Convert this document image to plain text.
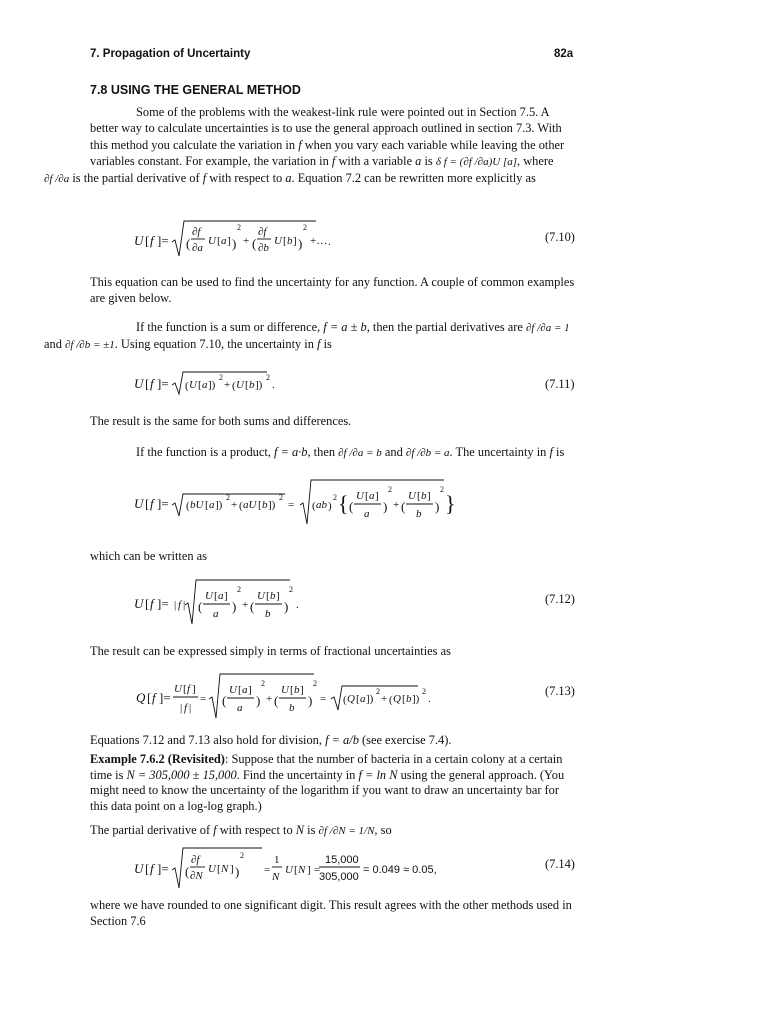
7. Propagation of Uncertainty	82a
7.8 USING THE GENERAL METHOD
Some of the problems with the weakest-link rule were pointed out in Section 7.5. A better way to calculate uncertainties is to use the general approach outlined in section 7.3. With this method you calculate the variation in f when you vary each variable while leaving the other variables constant. For example, the variation in f with a variable a is δ f = (∂f /∂a)U [a], where
∂f /∂a is the partial derivative of f with respect to a. Equation 7.2 can be rewritten more explicitly as
U [ f ]= (
∂f
∂a
U [ a ] )
2
+ (
∂f
∂b
U [ b ] )
2
+… .	(7.10)
This equation can be used to find the uncertainty for any function. A couple of common examples are given below.
If the function is a sum or difference, f = a ± b, then the partial derivatives are ∂f /∂a = 1
and ∂f /∂b = ±1. Using equation 7.10, the uncertainty in f is
U [ f ]= ( U [ a ])
2
+ ( U [ b ])
2
.	(7.11)
The result is the same for both sums and differences.
If the function is a product, f = a·b, then ∂f /∂a = b and ∂f /∂b = a. The uncertainty in f is
U [ f ]= ( bU [ a ])
2
+ ( aU [ b ])
2
= ( ab )
2 { (
U [ a ]
a )
2
+ (
U [ b ]
b )
2
}
which can be written as
U [ f ]= | f | (
U [ a ]
a )
2
+ (
U [ b ]
b )
2
.	(7.12)
The result can be expressed simply in terms of fractional uncertainties as
Q [ f ]=
U [ f ]
| f |
= (
U [ a ]
a )
2
+ (
U [ b ]
b )
2
= ( Q [ a ])
2
+ ( Q [ b ])
2
.
(7.13)
Equations 7.12 and 7.13 also hold for division, f = a/b (see exercise 7.4).
Example 7.6.2 (Revisited): Suppose that the number of bacteria in a certain colony at a certain time is N = 305,000 ± 15,000. Find the uncertainty in f = ln N using the general approach. (You might need to know the uncertainty of the logarithm if you want to draw an uncertainty bar for this data point on a log-log graph.)
The partial derivative of f with respect to N is ∂f /∂N = 1/N, so
U [ f ]= (
∂f
∂N
U [ N ] )
2
=
1
N
U [ N ] =
15,000
305,000
= 0.049 ≈ 0.05,	(7.14)
where we have rounded to one significant digit. This result agrees with the other methods used in Section 7.6
